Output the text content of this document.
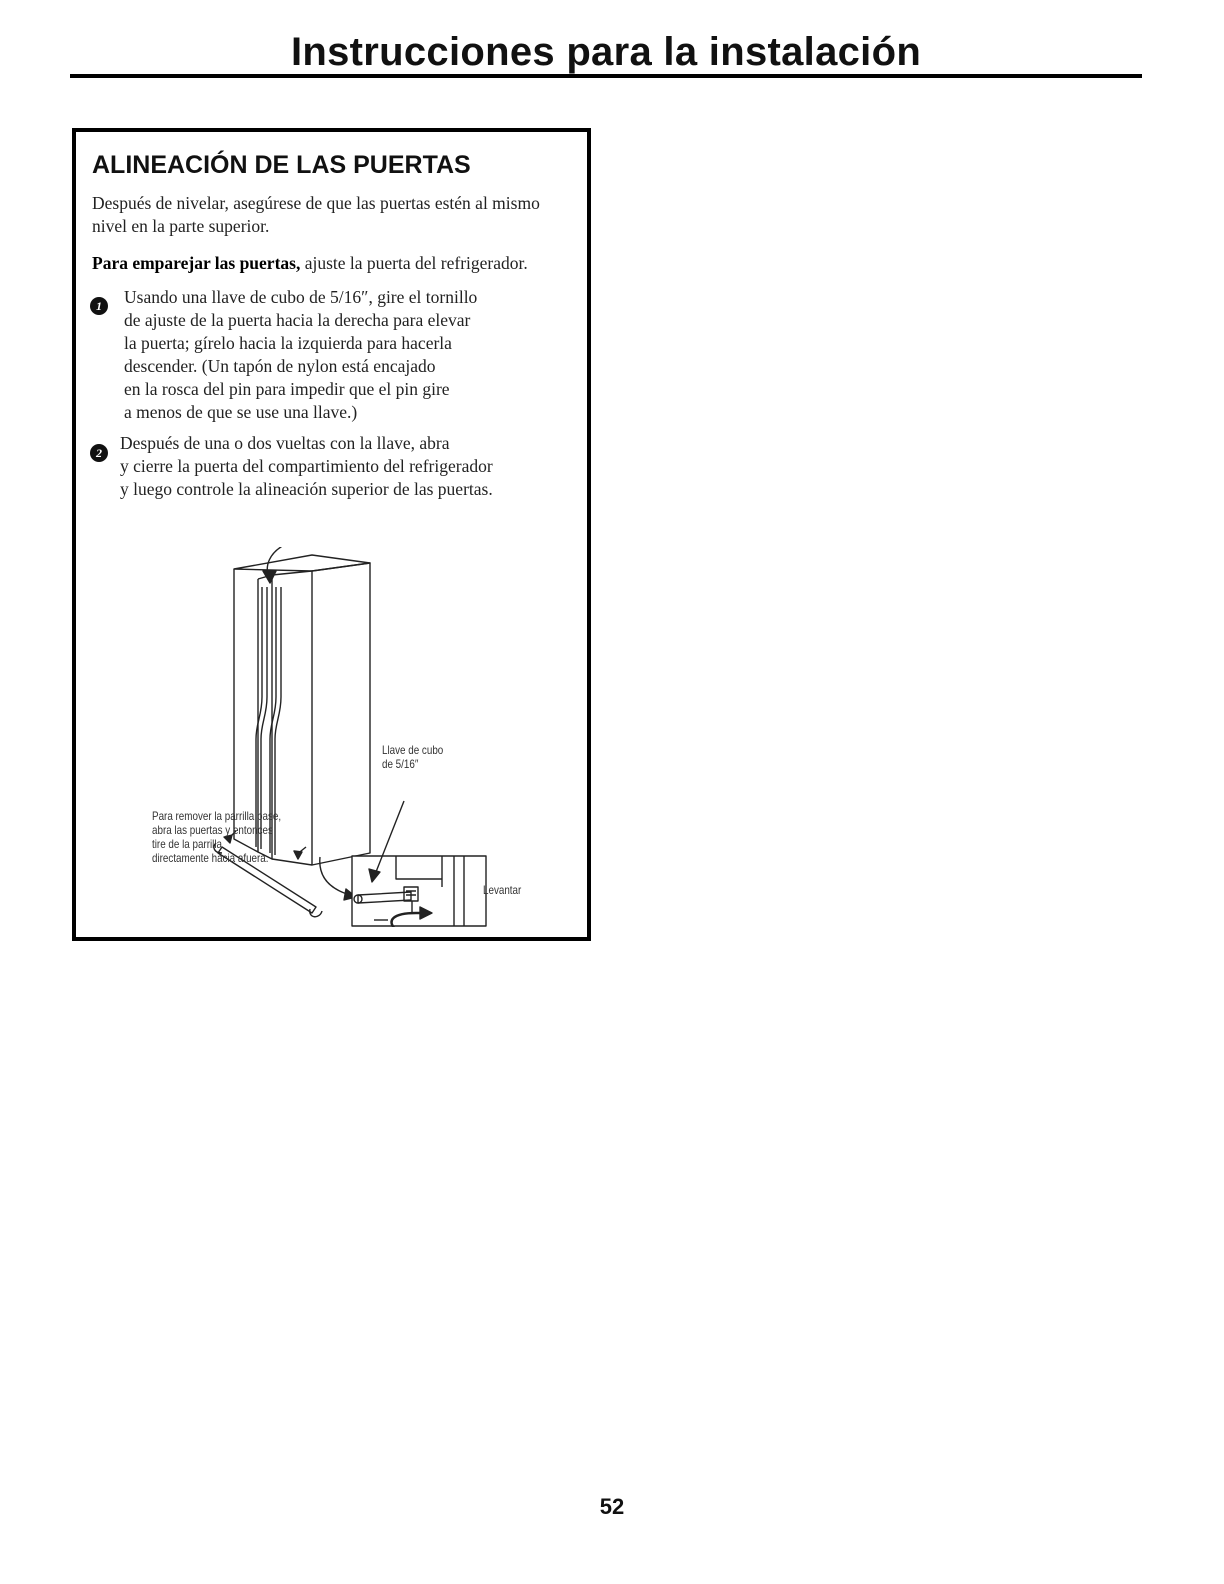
Instrucciones para la instalación
ALINEACIÓN DE LAS PUERTAS

Después de nivelar, asegúrese de que las puertas estén al mismo nivel en la parte superior.

Para emparejar las puertas, ajuste la puerta del refrigerador.

1	Usando una llave de cubo de 5/16″, gire el tornillo
de ajuste de la puerta hacia la derecha para elevar
la puerta; gírelo hacia la izquierda para hacerla
descender. (Un tapón de nylon está encajado
en la rosca del pin para impedir que el pin gire
a menos de que se use una llave.)

2	Después de una o dos vueltas con la llave, abra
y cierre la puerta del compartimiento del refrigerador
y luego controle la alineación superior de las puertas.

Llave de cubo
de 5/16″
Para remover la parrilla base,
abra las puertas y entonces
tire de la parrilla
directamente hacia afuera.
Levantar
52
